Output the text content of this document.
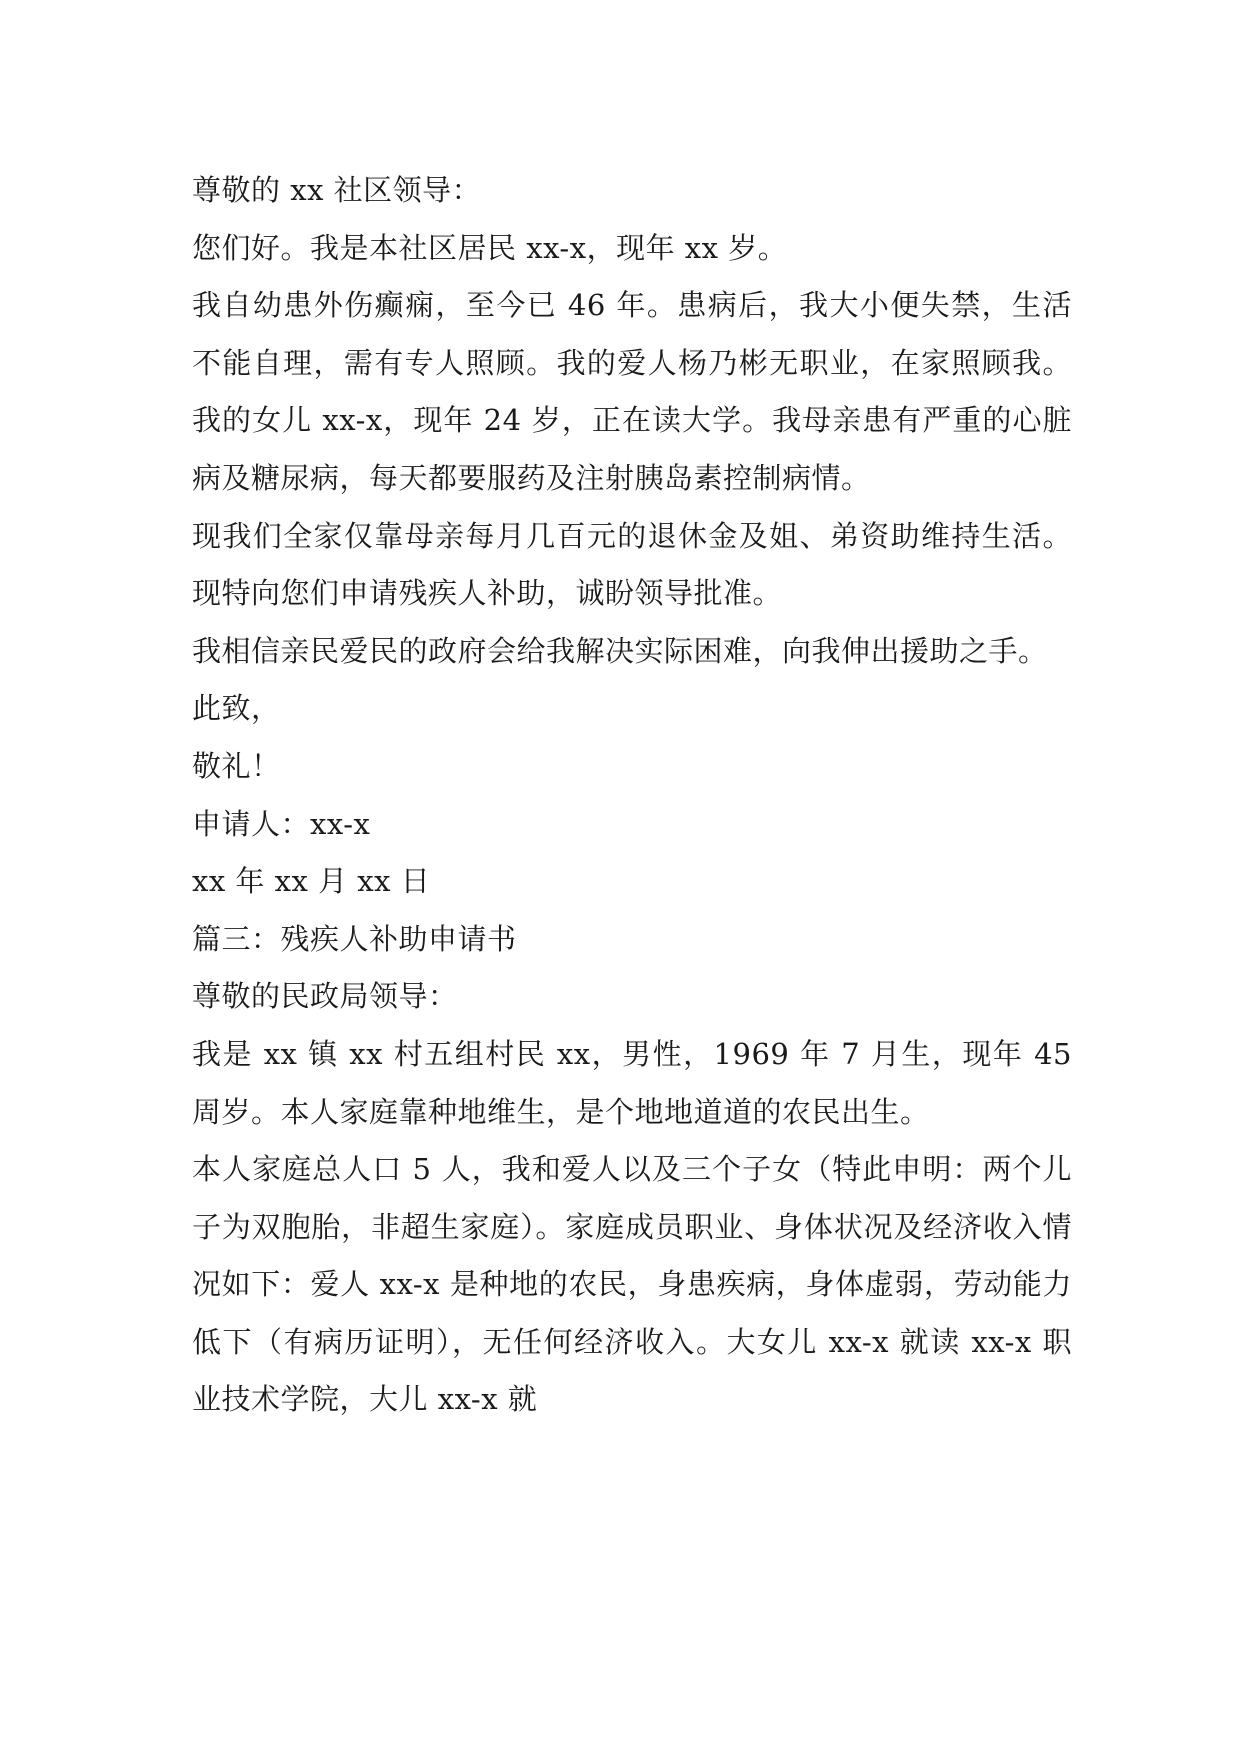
尊敬的 xx 社区领导：

您们好。我是本社区居民 xx-x，现年 xx 岁。

我自幼患外伤癫痫，至今已 46 年。患病后，我大小便失禁，生活不能自理，需有专人照顾。我的爱人杨乃彬无职业，在家照顾我。我的女儿 xx-x，现年 24 岁，正在读大学。我母亲患有严重的心脏病及糖尿病，每天都要服药及注射胰岛素控制病情。

现我们全家仅靠母亲每月几百元的退休金及姐、弟资助维持生活。现特向您们申请残疾人补助，诚盼领导批准。

我相信亲民爱民的政府会给我解决实际困难，向我伸出援助之手。

此致，

敬礼！

申请人：xx-x

xx 年 xx 月 xx 日

篇三：残疾人补助申请书

尊敬的民政局领导：

我是 xx 镇 xx 村五组村民 xx，男性，1969 年 7 月生，现年 45 周岁。本人家庭靠种地维生，是个地地道道的农民出生。

本人家庭总人口 5 人，我和爱人以及三个子女（特此申明：两个儿子为双胞胎，非超生家庭）。家庭成员职业、身体状况及经济收入情况如下：爱人 xx-x 是种地的农民，身患疾病，身体虚弱，劳动能力低下（有病历证明），无任何经济收入。大女儿 xx-x 就读 xx-x 职业技术学院，大儿 xx-x 就
